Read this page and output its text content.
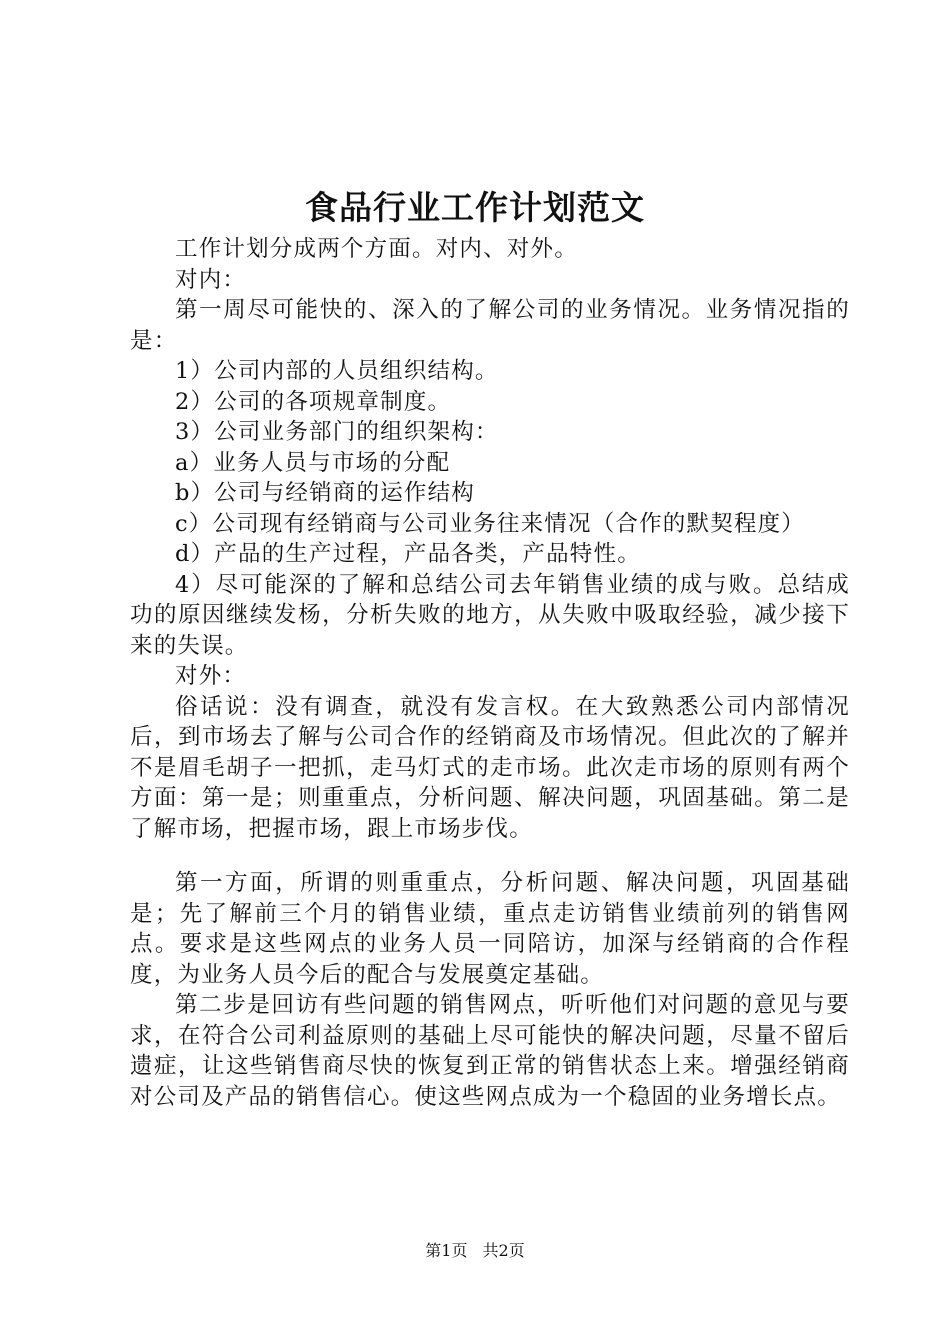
食品行业工作计划范文

工作计划分成两个方面。对内、对外。

对内：

第一周尽可能快的、深入的了解公司的业务情况。业务情况指的是：

1）公司内部的人员组织结构。

2）公司的各项规章制度。

3）公司业务部门的组织架构：

a）业务人员与市场的分配

b）公司与经销商的运作结构

c）公司现有经销商与公司业务往来情况（合作的默契程度）

d）产品的生产过程，产品各类，产品特性。

4）尽可能深的了解和总结公司去年销售业绩的成与败。总结成功的原因继续发杨，分析失败的地方，从失败中吸取经验，减少接下来的失误。

对外：

俗话说：没有调查，就没有发言权。在大致熟悉公司内部情况后，到市场去了解与公司合作的经销商及市场情况。但此次的了解并不是眉毛胡子一把抓，走马灯式的走市场。此次走市场的原则有两个方面：第一是；则重重点，分析问题、解决问题，巩固基础。第二是了解市场，把握市场，跟上市场步伐。

第一方面，所谓的则重重点，分析问题、解决问题，巩固基础是；先了解前三个月的销售业绩，重点走访销售业绩前列的销售网点。要求是这些网点的业务人员一同陪访，加深与经销商的合作程度，为业务人员今后的配合与发展奠定基础。

第二步是回访有些问题的销售网点，听听他们对问题的意见与要求，在符合公司利益原则的基础上尽可能快的解决问题，尽量不留后遗症，让这些销售商尽快的恢复到正常的销售状态上来。增强经销商对公司及产品的销售信心。使这些网点成为一个稳固的业务增长点。

第1页 共2页
